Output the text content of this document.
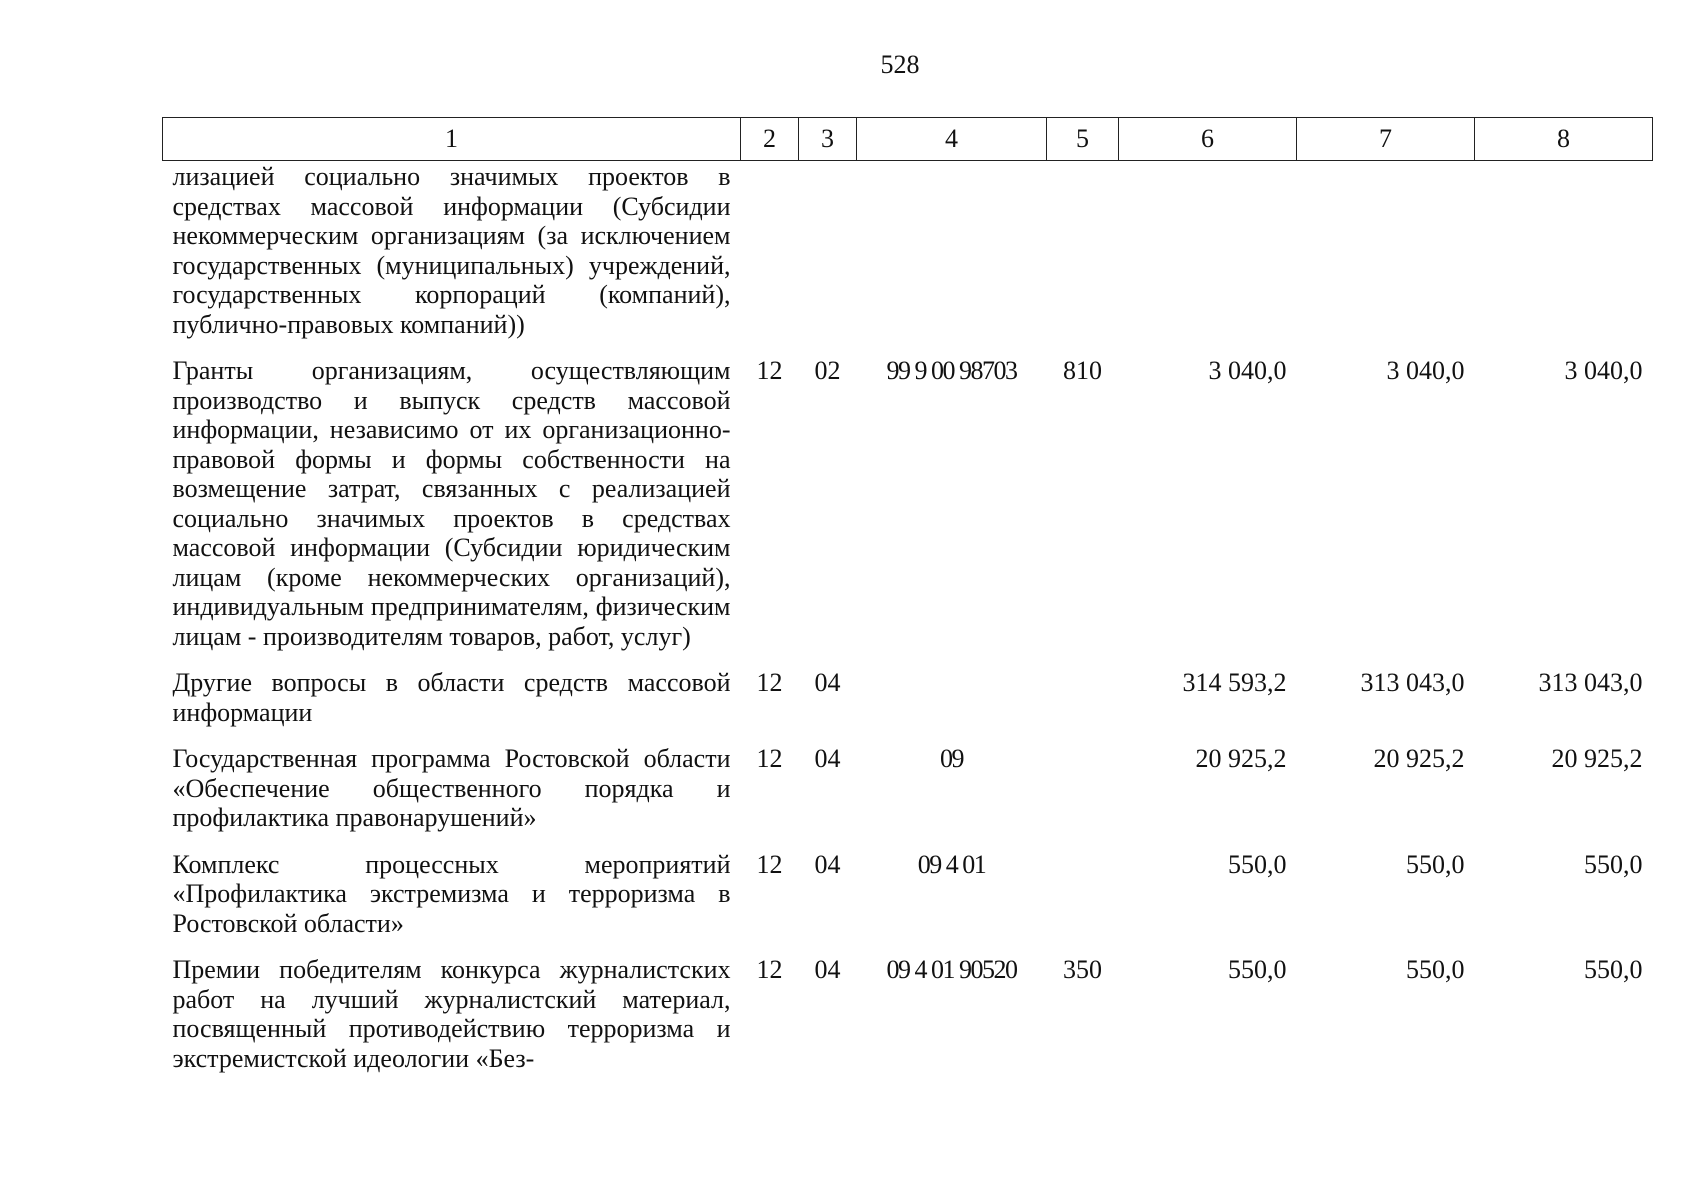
528
1	2	3	4	5	6	7	8
лизацией социально значимых проектов в средствах массовой информации (Субсидии некоммерческим организациям (за исключением государственных (муниципальных) учреждений, государственных корпораций (компаний), публично-правовых компаний))							
Гранты организациям, осуществляющим производство и выпуск средств массовой информации, независимо от их организационно-правовой формы и формы собственности на возмещение затрат, связанных с реализацией социально значимых проектов в средствах массовой информации (Субсидии юридическим лицам (кроме некоммерческих организаций), индивидуальным предпринимателям, физическим лицам - производителям товаров, работ, услуг)	12	02	99 9 00 98703	810	3 040,0	3 040,0	3 040,0
Другие вопросы в области средств массовой информации	12	04			314 593,2	313 043,0	313 043,0
Государственная программа Ростовской области «Обеспечение общественного порядка и профилактика правонарушений»	12	04	09		20 925,2	20 925,2	20 925,2
Комплекс процессных мероприятий «Профилактика экстремизма и терроризма в Ростовской области»	12	04	09 4 01		550,0	550,0	550,0
Премии победителям конкурса журналистских работ на лучший журналистский материал, посвященный противодействию терроризма и экстремистской идеологии «Без-	12	04	09 4 01 90520	350	550,0	550,0	550,0
